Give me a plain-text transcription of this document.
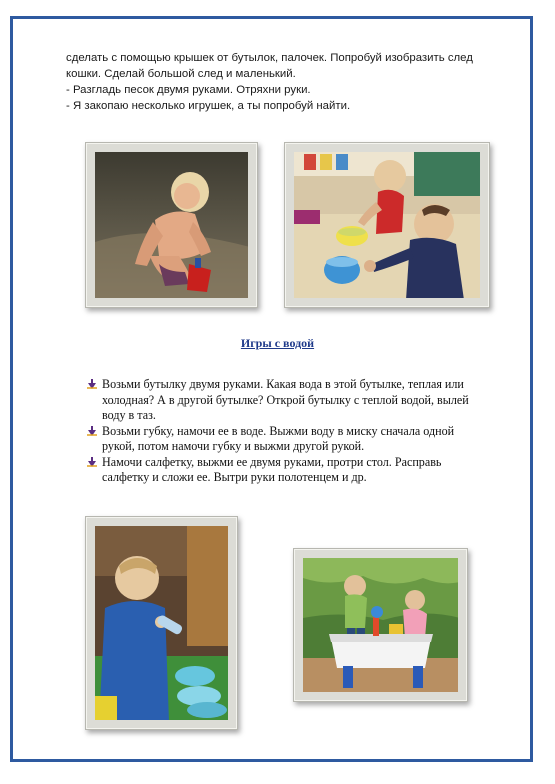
сделать с помощью крышек от бутылок, палочек. Попробуй изобразить след
кошки. Сделай большой след и маленький.
- Разгладь песок двумя руками. Отряхни руки.
- Я закопаю несколько игрушек, а ты попробуй найти.
Игры с водой
Возьми бутылку двумя руками. Какая вода в этой бутылке, теплая или
холодная? А в другой бутылке? Открой бутылку с теплой водой, вылей
воду в таз.
Возьми губку, намочи ее в воде. Выжми воду в миску сначала одной
рукой, потом намочи губку и выжми другой рукой.
Намочи салфетку, выжми ее двумя руками, протри стол. Расправь
салфетку и сложи ее. Вытри руки полотенцем и др.
